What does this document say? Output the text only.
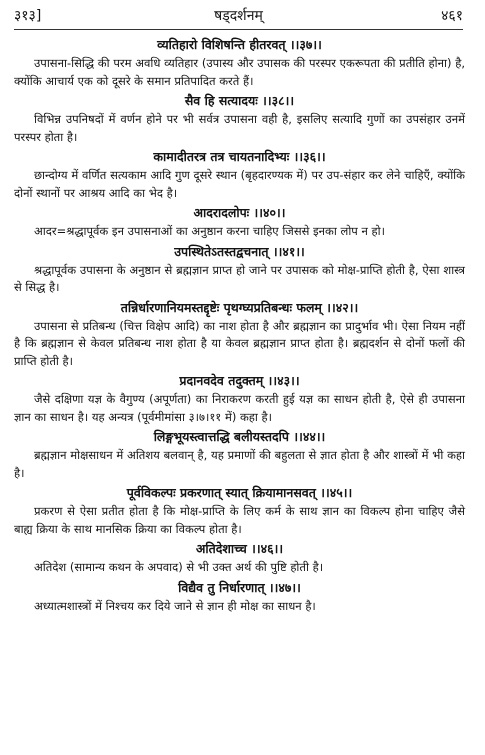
३१३]	षड्दर्शनम्	४६१
व्यतिहारो विशिषन्ति हीतरवत् ।।३७।।

उपासना-सिद्धि की परम अवधि व्यतिहार (उपास्य और उपासक की परस्पर एकरूपता की प्रतीति होना) है, क्योंकि आचार्य एक को दूसरे के समान प्रतिपादित करते हैं।

सैव हि सत्यादयः ।।३८।।

विभिन्न उपनिषदों में वर्णन होने पर भी सर्वत्र उपासना वही है, इसलिए सत्यादि गुणों का उपसंहार उनमें परस्पर होता है।

कामादीतरत्र तत्र चायतनादिभ्यः ।।३६।।

छान्दोग्य में वर्णित सत्यकाम आदि गुण दूसरे स्थान (बृहदारण्यक में) पर उप-संहार कर लेने चाहिएँ, क्योंकि दोनों स्थानों पर आश्रय आदि का भेद है।

आदरादलोपः ।।४०।।

आदर=श्रद्धापूर्वक इन उपासनाओं का अनुष्ठान करना चाहिए जिससे इनका लोप न हो।

उपस्थितेऽतस्तद्वचनात् ।।४१।।

श्रद्धापूर्वक उपासना के अनुष्ठान से ब्रह्मज्ञान प्राप्त हो जाने पर उपासक को मोक्ष-प्राप्ति होती है, ऐसा शास्त्र से सिद्ध है।

तन्निर्धारणानियमस्तद्दृष्टेः पृथग्घ्यप्रतिबन्धः फलम् ।।४२।।

उपासना से प्रतिबन्ध (चित्त विक्षेप आदि) का नाश होता है और ब्रह्मज्ञान का प्रादुर्भाव भी। ऐसा नियम नहीं है कि ब्रह्मज्ञान से केवल प्रतिबन्ध नाश होता है या केवल ब्रह्मज्ञान प्राप्त होता है। ब्रह्मदर्शन से दोनों फलों की प्राप्ति होती है।

प्रदानवदेव तदुक्तम् ।।४३।।

जैसे दक्षिणा यज्ञ के वैगुण्य (अपूर्णता) का निराकरण करती हुई यज्ञ का साधन होती है, ऐसे ही उपासना ज्ञान का साधन है। यह अन्यत्र (पूर्वमीमांसा ३।७।११ में) कहा है।

लिङ्गभूयस्त्वात्तद्धि बलीयस्तदपि ।।४४।।

ब्रह्मज्ञान मोक्षसाधन में अतिशय बलवान् है, यह प्रमाणों की बहुलता से ज्ञात होता है और शास्त्रों में भी कहा है।

पूर्वविकल्पः प्रकरणात् स्यात् क्रियामानसवत् ।।४५।।

प्रकरण से ऐसा प्रतीत होता है कि मोक्ष-प्राप्ति के लिए कर्म के साथ ज्ञान का विकल्प होना चाहिए जैसे बाह्य क्रिया के साथ मानसिक क्रिया का विकल्प होता है।

अतिदेशाच्च ।।४६।।

अतिदेश (सामान्य कथन के अपवाद) से भी उक्त अर्थ की पुष्टि होती है।

विद्यैव तु निर्धारणात् ।।४७।।

अध्यात्मशास्त्रों में निश्चय कर दिये जाने से ज्ञान ही मोक्ष का साधन है।
